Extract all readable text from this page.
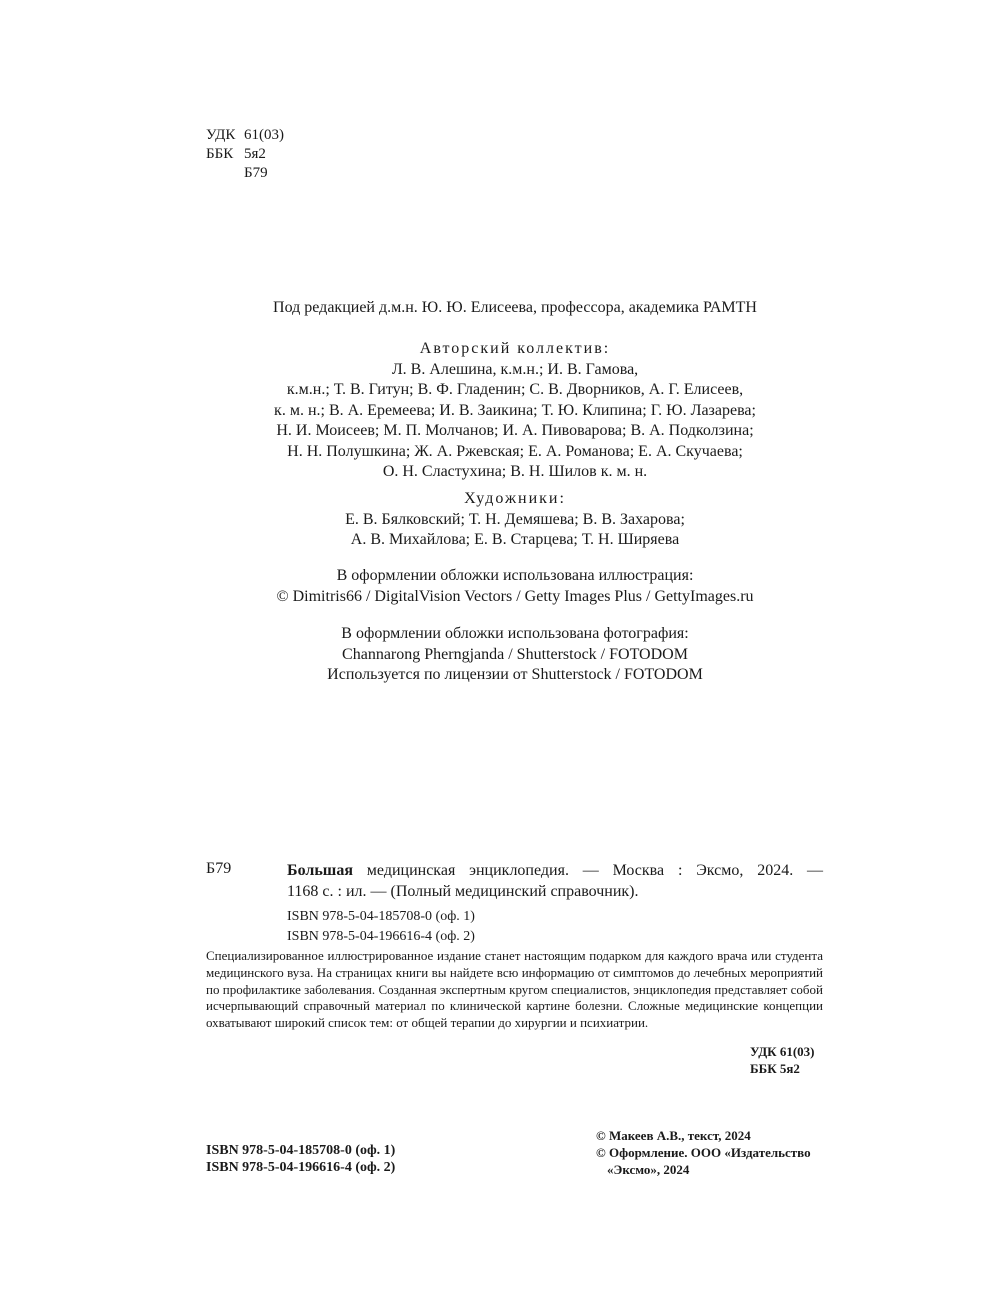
УДК 61(03)
ББК 5я2
Б79
Под редакцией д.м.н. Ю. Ю. Елисеева, профессора, академика РАМТН
Авторский коллектив:
Л. В. Алешина, к.м.н.; И. В. Гамова,
к.м.н.; Т. В. Гитун; В. Ф. Гладенин; С. В. Дворников, А. Г. Елисеев,
к. м. н.; В. А. Еремеева; И. В. Заикина; Т. Ю. Клипина; Г. Ю. Лазарева;
Н. И. Моисеев; М. П. Молчанов; И. А. Пивоварова; В. А. Подколзина;
Н. Н. Полушкина; Ж. А. Ржевская; Е. А. Романова; Е. А. Скучаева;
О. Н. Сластухина; В. Н. Шилов к. м. н.
Художники:
Е. В. Бялковский; Т. Н. Демяшева; В. В. Захарова;
А. В. Михайлова; Е. В. Старцева; Т. Н. Ширяева
В оформлении обложки использована иллюстрация:
© Dimitris66 / DigitalVision Vectors / Getty Images Plus / GettyImages.ru
В оформлении обложки использована фотография:
Channarong Pherngjanda / Shutterstock / FOTODOM
Используется по лицензии от Shutterstock / FOTODOM
Б79	Большая медицинская энциклопедия. — Москва : Эксмо, 2024. —
1168 с. : ил. — (Полный медицинский справочник).
ISBN 978-5-04-185708-0 (оф. 1)
ISBN 978-5-04-196616-4 (оф. 2)
Специализированное иллюстрированное издание станет настоящим подарком для каждого врача или студента медицинского вуза. На страницах книги вы найдете всю информацию от симптомов до лечебных мероприятий по профилактике заболевания. Созданная экспертным кругом специалистов, энциклопедия представляет собой исчерпывающий справочный материал по клинической картине болезни. Сложные медицинские концепции охватывают широкий список тем: от общей терапии до хирургии и психиатрии.
УДК 61(03)
ББК 5я2
ISBN 978-5-04-185708-0 (оф. 1)
ISBN 978-5-04-196616-4 (оф. 2)
© Макеев А.В., текст, 2024
© Оформление. ООО «Издательство
«Эксмо», 2024
